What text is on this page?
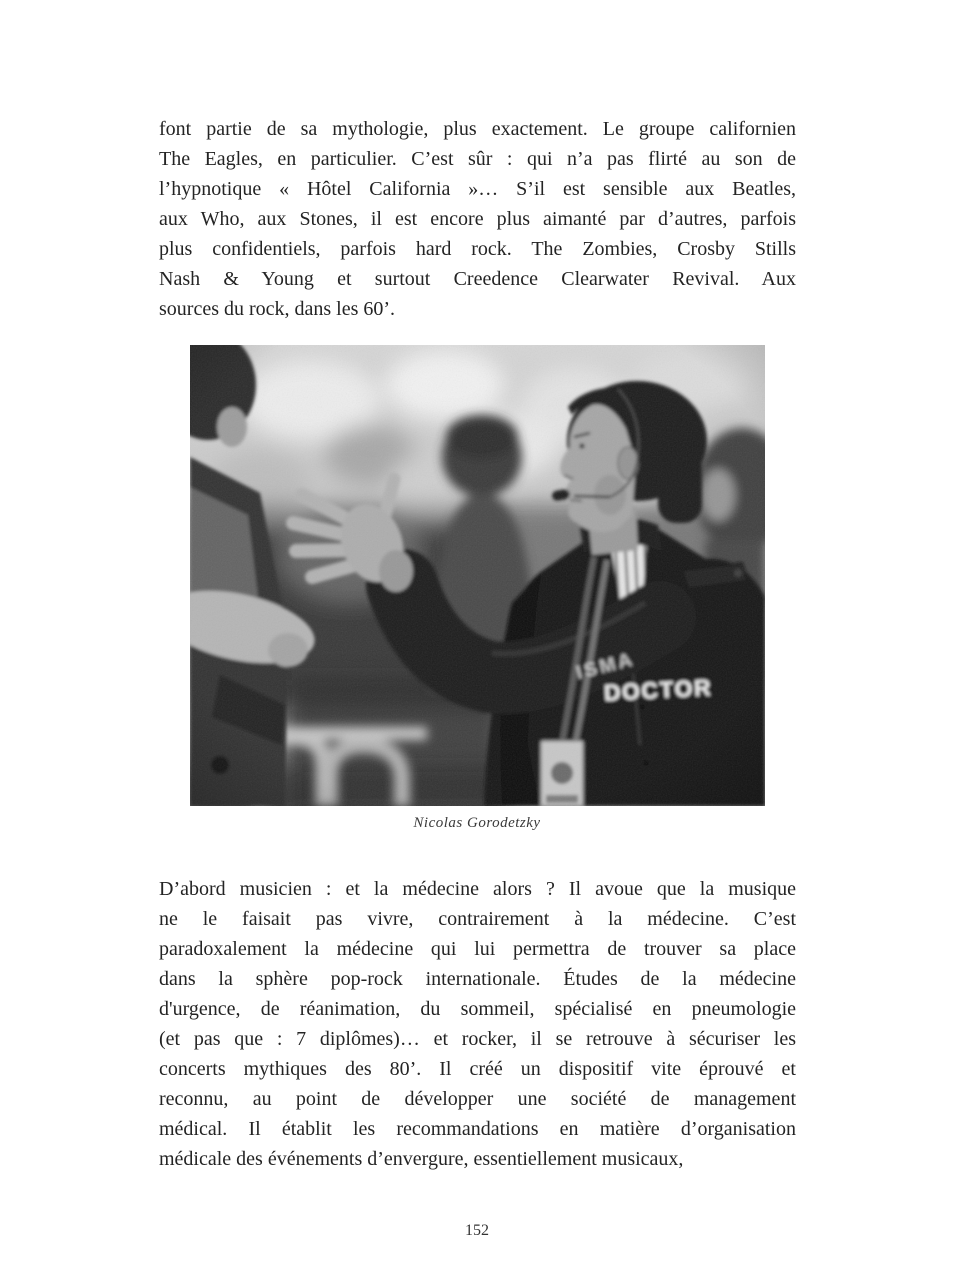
font partie de sa mythologie, plus exactement. Le groupe californien
The Eagles, en particulier. C’est sûr : qui n’a pas flirté au son de
l’hypnotique « Hôtel California »… S’il est sensible aux Beatles,
aux Who, aux Stones, il est encore plus aimanté par d’autres, parfois
plus confidentiels, parfois hard rock. The Zombies, Crosby Stills
Nash & Young et surtout Creedence Clearwater Revival. Aux
sources du rock, dans les 60’.
Nicolas Gorodetzky
D’abord musicien : et la médecine alors ? Il avoue que la musique
ne le faisait pas vivre, contrairement à la médecine. C’est
paradoxalement la médecine qui lui permettra de trouver sa place
dans la sphère pop-rock internationale. Études de la médecine
d'urgence, de réanimation, du sommeil, spécialisé en pneumologie
(et pas que : 7 diplômes)… et rocker, il se retrouve à sécuriser les
concerts mythiques des 80’. Il créé un dispositif vite éprouvé et
reconnu, au point de développer une société de management
médical. Il établit les recommandations en matière d’organisation
médicale des événements d’envergure, essentiellement musicaux,
152
